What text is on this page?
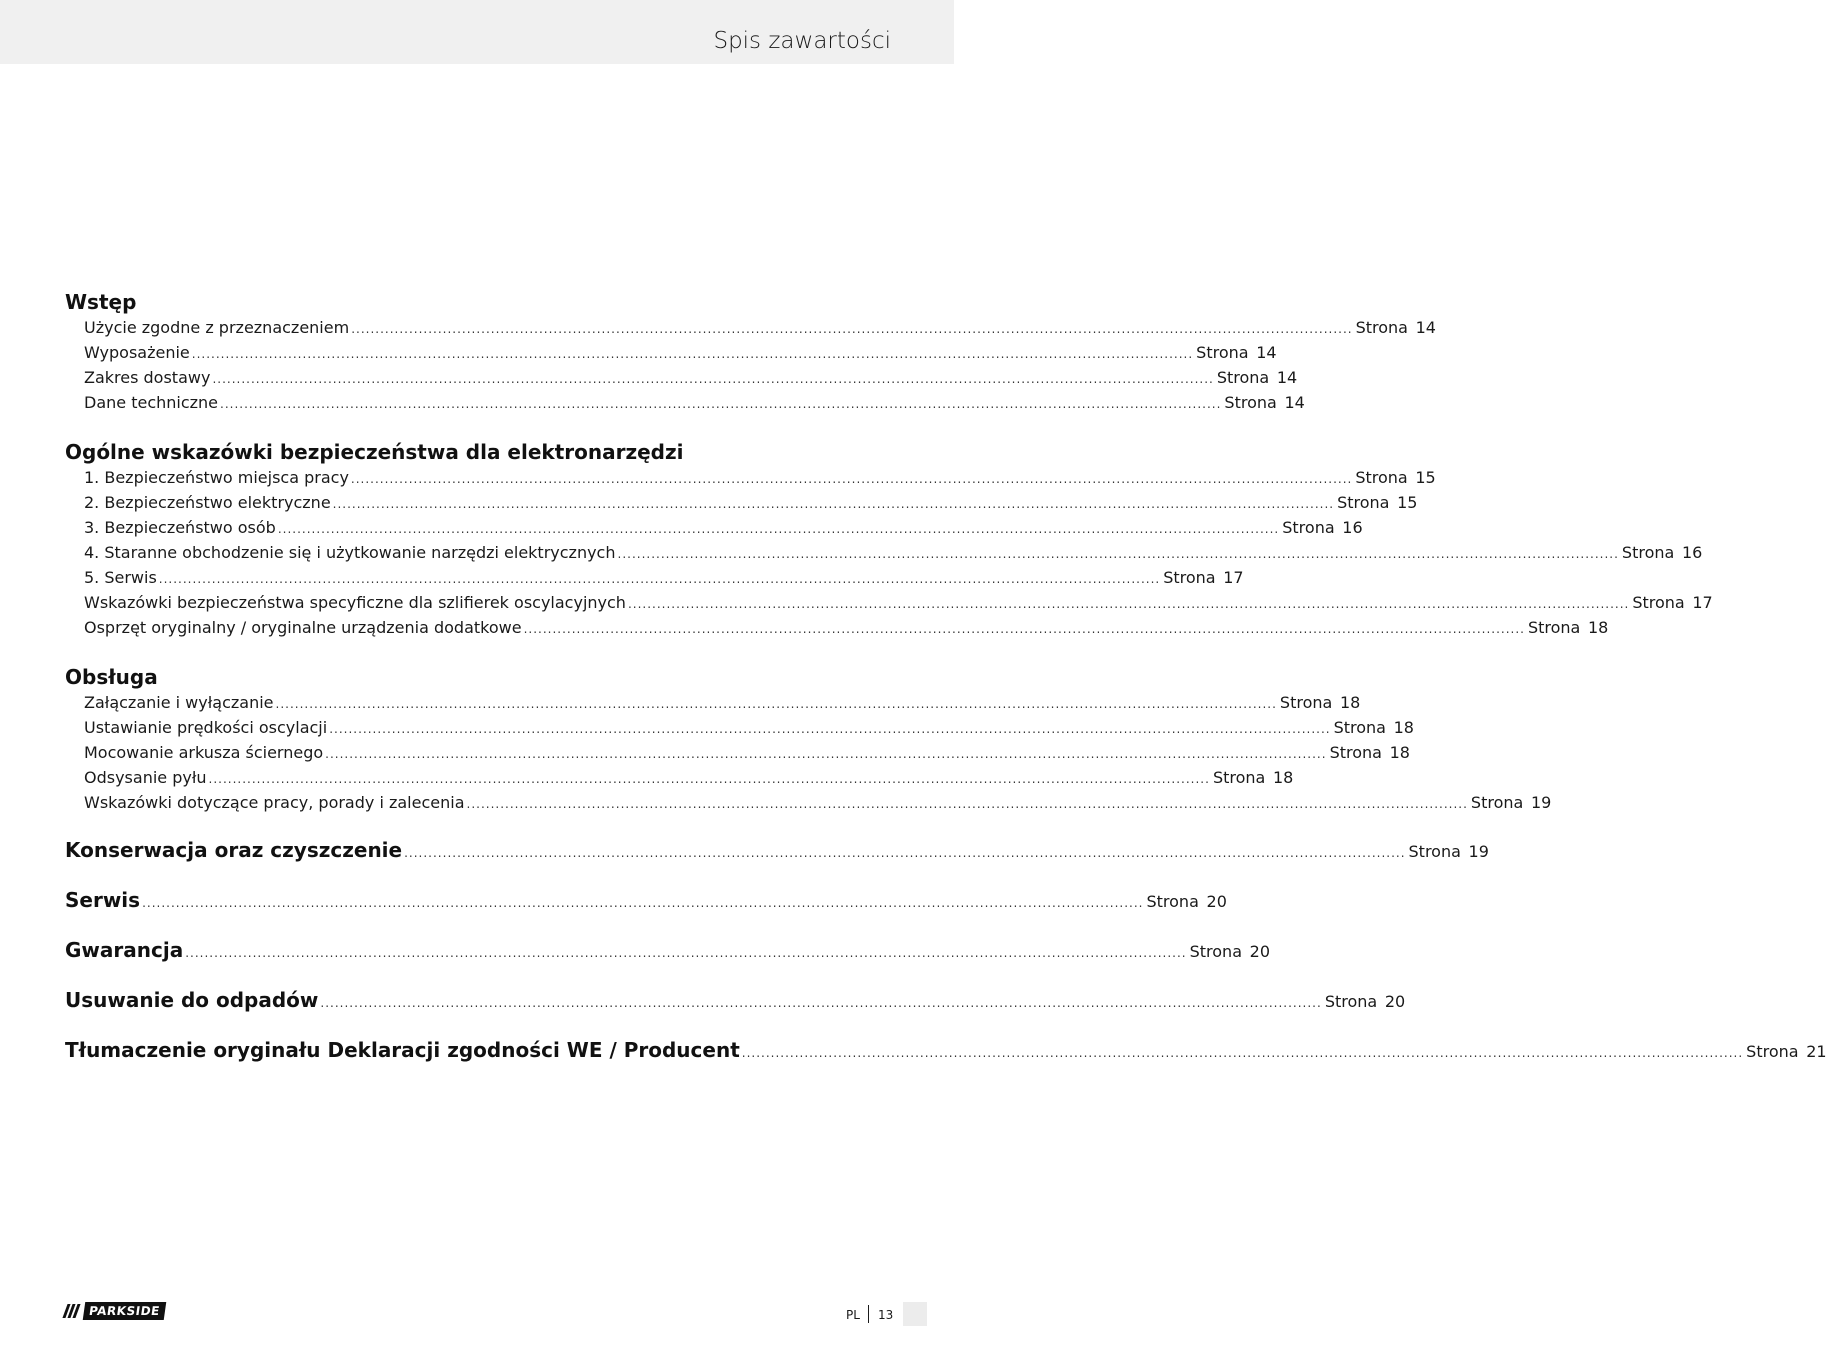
Spis zawartości
Wstęp
Użycie zgodne z przeznaczeniem ................................................................................................................................................................................................................ Strona 14
Wyposażenie ................................................................................................................................................................................................................ Strona 14
Zakres dostawy ................................................................................................................................................................................................................ Strona 14
Dane techniczne ................................................................................................................................................................................................................ Strona 14
Ogólne wskazówki bezpieczeństwa dla elektronarzędzi
1. Bezpieczeństwo miejsca pracy ................................................................................................................................................................................................................ Strona 15
2. Bezpieczeństwo elektryczne ................................................................................................................................................................................................................ Strona 15
3. Bezpieczeństwo osób ................................................................................................................................................................................................................ Strona 16
4. Staranne obchodzenie się i użytkowanie narzędzi elektrycznych ................................................................................................................................................................................................................ Strona 16
5. Serwis ................................................................................................................................................................................................................ Strona 17
Wskazówki bezpieczeństwa specyficzne dla szlifierek oscylacyjnych ................................................................................................................................................................................................................ Strona 17
Osprzęt oryginalny / oryginalne urządzenia dodatkowe ................................................................................................................................................................................................................ Strona 18
Obsługa
Załączanie i wyłączanie ................................................................................................................................................................................................................ Strona 18
Ustawianie prędkości oscylacji ................................................................................................................................................................................................................ Strona 18
Mocowanie arkusza ściernego ................................................................................................................................................................................................................ Strona 18
Odsysanie pyłu ................................................................................................................................................................................................................ Strona 18
Wskazówki dotyczące pracy, porady i zalecenia ................................................................................................................................................................................................................ Strona 19
Konserwacja oraz czyszczenie ................................................................................................................................................................................................................ Strona 19
Serwis ................................................................................................................................................................................................................ Strona 20
Gwarancja ................................................................................................................................................................................................................ Strona 20
Usuwanie do odpadów ................................................................................................................................................................................................................ Strona 20
Tłumaczenie oryginału Deklaracji zgodności WE / Producent ................................................................................................................................................................................................................ Strona 21
PARKSIDE	PL 13
